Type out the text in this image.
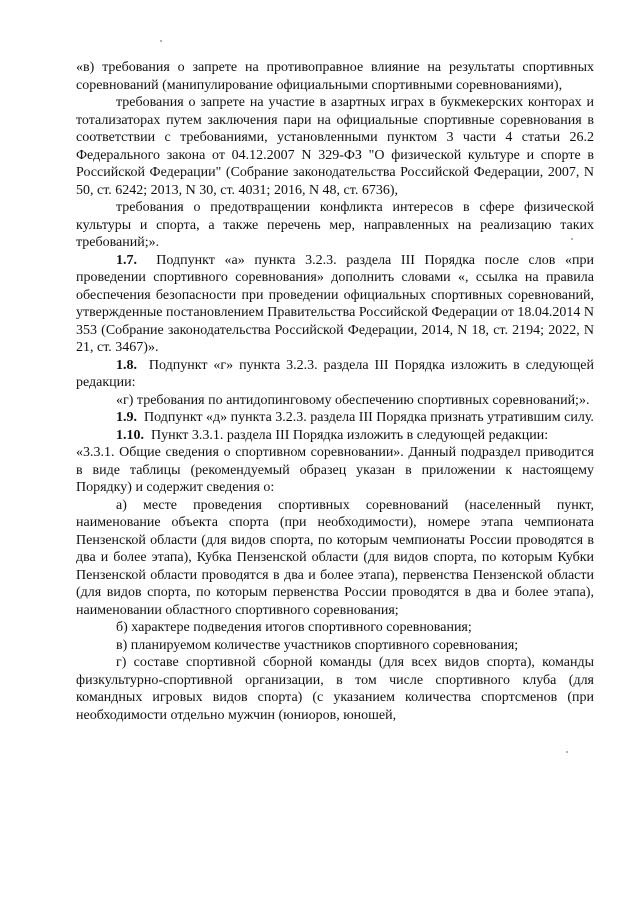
«в) требования о запрете на противоправное влияние на результаты спортивных соревнований (манипулирование официальными спортивными соревнованиями),

требования о запрете на участие в азартных играх в букмекерских конторах и тотализаторах путем заключения пари на официальные спортивные соревнования в соответствии с требованиями, установленными пунктом 3 части 4 статьи 26.2 Федерального закона от 04.12.2007 N 329-ФЗ "О физической культуре и спорте в Российской Федерации" (Собрание законодательства Российской Федерации, 2007, N 50, ст. 6242; 2013, N 30, ст. 4031; 2016, N 48, ст. 6736),

требования о предотвращении конфликта интересов в сфере физической культуры и спорта, а также перечень мер, направленных на реализацию таких требований;».

1.7. Подпункт «а» пункта 3.2.3. раздела III Порядка после слов «при проведении спортивного соревнования» дополнить словами «, ссылка на правила обеспечения безопасности при проведении официальных спортивных соревнований, утвержденные постановлением Правительства Российской Федерации от 18.04.2014 N 353 (Собрание законодательства Российской Федерации, 2014, N 18, ст. 2194; 2022, N 21, ст. 3467)».

1.8. Подпункт «г» пункта 3.2.3. раздела III Порядка изложить в следующей редакции:

«г) требования по антидопинговому обеспечению спортивных соревнований;».

1.9. Подпункт «д» пункта 3.2.3. раздела III Порядка признать утратившим силу.

1.10. Пункт 3.3.1. раздела III Порядка изложить в следующей редакции:

«3.3.1. Общие сведения о спортивном соревновании». Данный подраздел приводится в виде таблицы (рекомендуемый образец указан в приложении к настоящему Порядку) и содержит сведения о:

а) месте проведения спортивных соревнований (населенный пункт, наименование объекта спорта (при необходимости), номере этапа чемпионата Пензенской области (для видов спорта, по которым чемпионаты России проводятся в два и более этапа), Кубка Пензенской области (для видов спорта, по которым Кубки Пензенской области проводятся в два и более этапа), первенства Пензенской области (для видов спорта, по которым первенства России проводятся в два и более этапа), наименовании областного спортивного соревнования;

б) характере подведения итогов спортивного соревнования;

в) планируемом количестве участников спортивного соревнования;

г) составе спортивной сборной команды (для всех видов спорта), команды физкультурно-спортивной организации, в том числе спортивного клуба (для командных игровых видов спорта) (с указанием количества спортсменов (при необходимости отдельно мужчин (юниоров, юношей,
